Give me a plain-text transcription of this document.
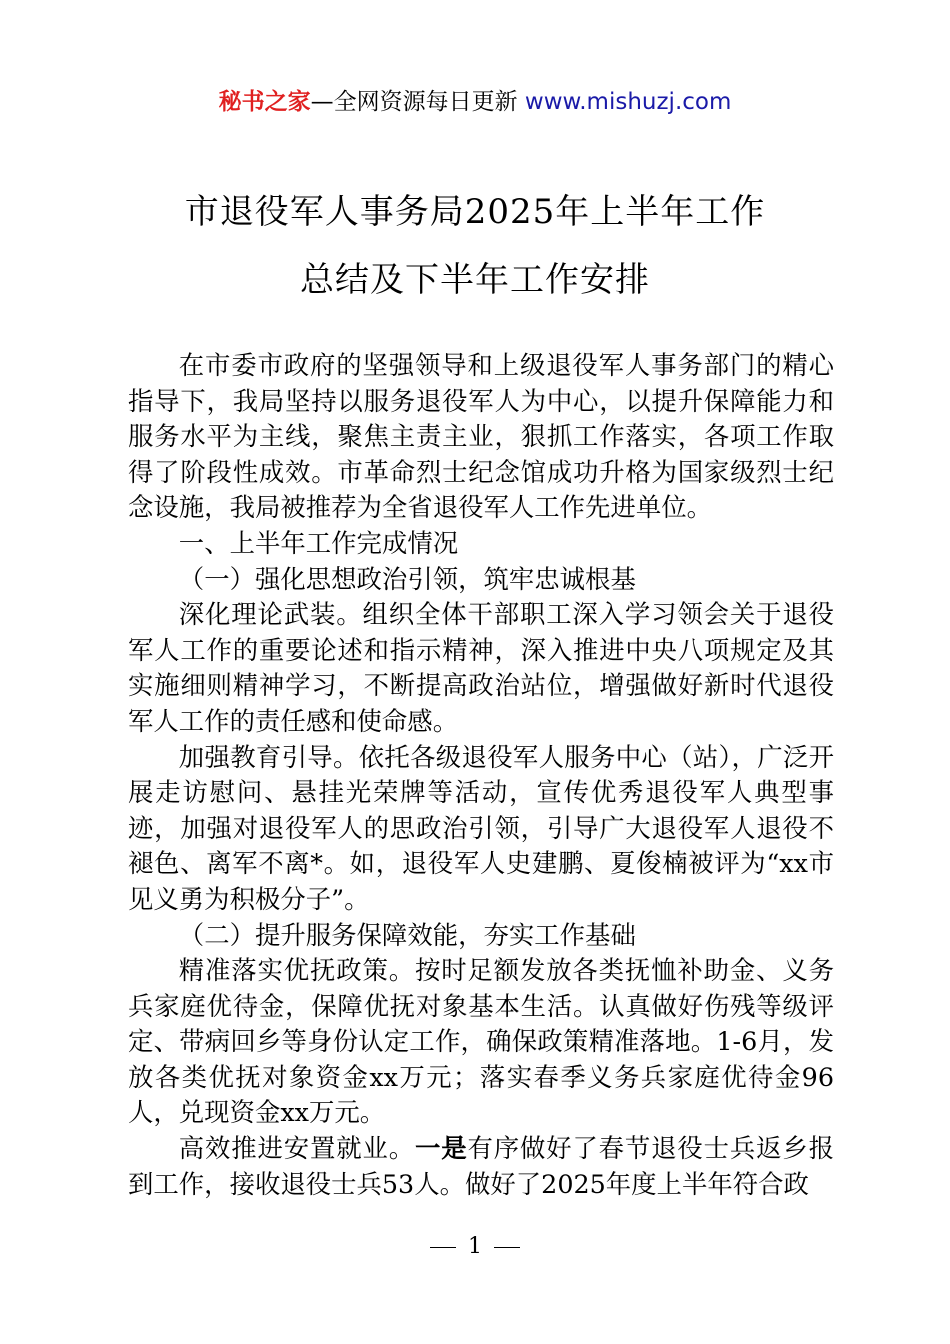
秘书之家—全网资源每日更新 www.mishuzj.com
市退役军人事务局2025年上半年工作
总结及下半年工作安排

在市委市政府的坚强领导和上级退役军人事务部门的精心指导下，我局坚持以服务退役军人为中心，以提升保障能力和服务水平为主线，聚焦主责主业，狠抓工作落实，各项工作取得了阶段性成效。市革命烈士纪念馆成功升格为国家级烈士纪念设施，我局被推荐为全省退役军人工作先进单位。

一、上半年工作完成情况

（一）强化思想政治引领，筑牢忠诚根基

深化理论武装。组织全体干部职工深入学习领会关于退役军人工作的重要论述和指示精神，深入推进中央八项规定及其实施细则精神学习，不断提高政治站位，增强做好新时代退役军人工作的责任感和使命感。

加强教育引导。依托各级退役军人服务中心（站），广泛开展走访慰问、悬挂光荣牌等活动，宣传优秀退役军人典型事迹，加强对退役军人的思政治引领，引导广大退役军人退役不褪色、离军不离*。如，退役军人史建鹏、夏俊楠被评为“xx市见义勇为积极分子”。

（二）提升服务保障效能，夯实工作基础

精准落实优抚政策。按时足额发放各类抚恤补助金、义务兵家庭优待金，保障优抚对象基本生活。认真做好伤残等级评定、带病回乡等身份认定工作，确保政策精准落地。1-6月，发放各类优抚对象资金xx万元；落实春季义务兵家庭优待金96人，兑现资金xx万元。

高效推进安置就业。一是有序做好了春节退役士兵返乡报到工作，接收退役士兵53人。做好了2025年度上半年符合政

1
